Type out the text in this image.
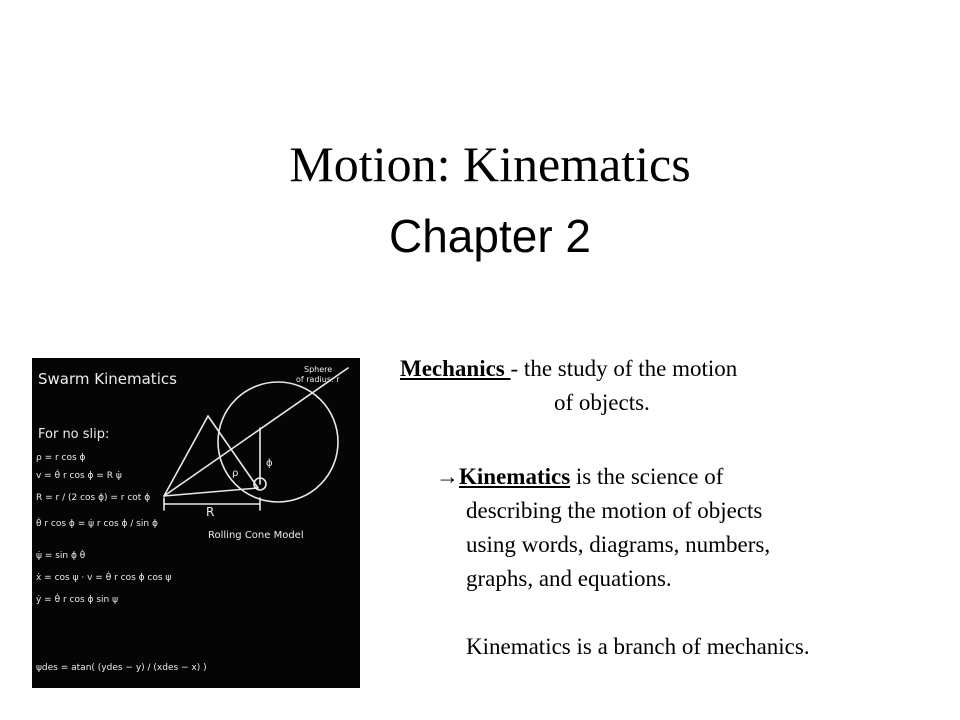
Motion: Kinematics
Chapter 2
Swarm Kinematics
Sphere
of radius: r
For no slip:
ρ = r cos ϕ
v = θ̇ r cos ϕ = R ψ̇
R = r / (2 cos ϕ) = r cot ϕ
θ̇ r cos ϕ = ψ̇ r cos ϕ / sin ϕ
ψ̇ = sin ϕ θ̇
ẋ = cos ψ · v = θ̇ r cos ϕ cos ψ
ẏ = θ̇ r cos ϕ sin ψ
ψdes = atan( (ydes − y) / (xdes − x) )
R
ϕ
ρ
Rolling Cone Model
Mechanics - the study of the motion
of objects.
→Kinematics is the science of
describing the motion of objects
using words, diagrams, numbers,
graphs, and equations.
Kinematics is a branch of mechanics.
